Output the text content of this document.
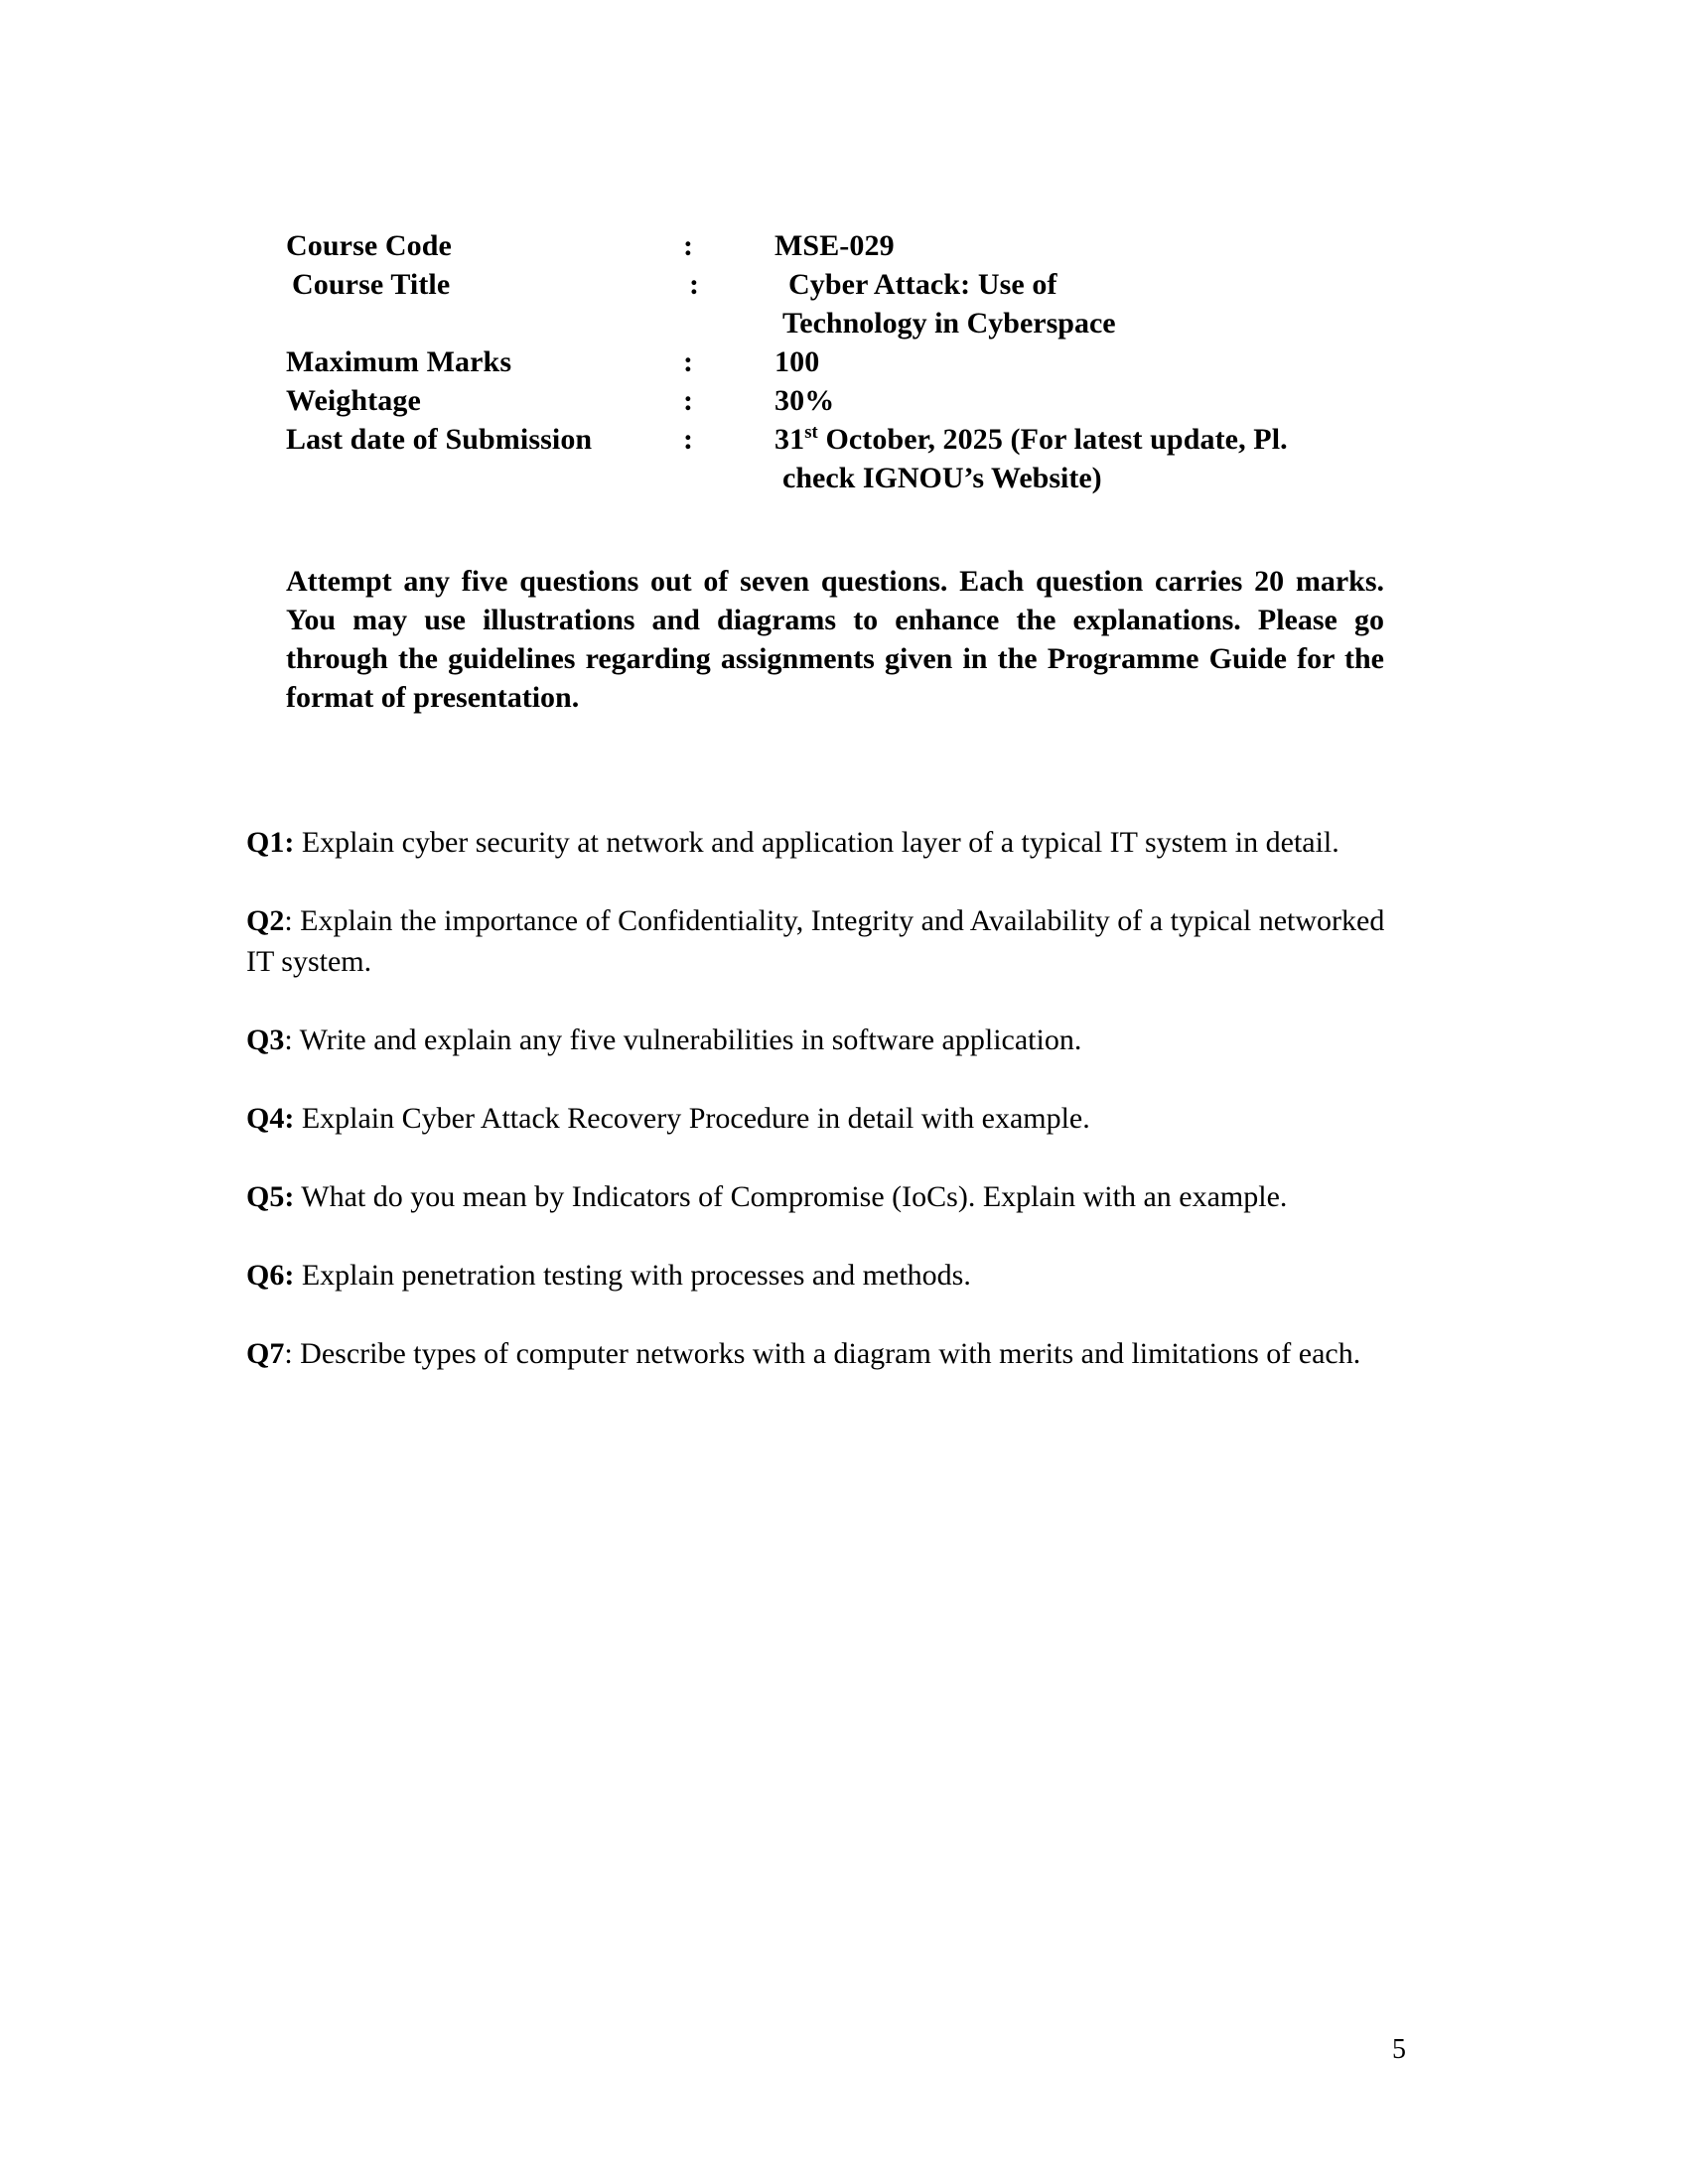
Course Code	:	MSE-029
Course Title	:	Cyber Attack: Use of
Technology in Cyberspace
Maximum Marks	:	100
Weightage	:	30%
Last date of Submission	:	31st October, 2025 (For latest update, Pl.
check IGNOU’s Website)

Attempt any five questions out of seven questions. Each question carries 20 marks. You may use illustrations and diagrams to enhance the explanations. Please go through the guidelines regarding assignments given in the Programme Guide for the format of presentation.

Q1: Explain cyber security at network and application layer of a typical IT system in detail.

Q2: Explain the importance of Confidentiality, Integrity and Availability of a typical networked IT system.

Q3: Write and explain any five vulnerabilities in software application.

Q4: Explain Cyber Attack Recovery Procedure in detail with example.

Q5: What do you mean by Indicators of Compromise (IoCs). Explain with an example.

Q6: Explain penetration testing with processes and methods.

Q7: Describe types of computer networks with a diagram with merits and limitations of each.

5
